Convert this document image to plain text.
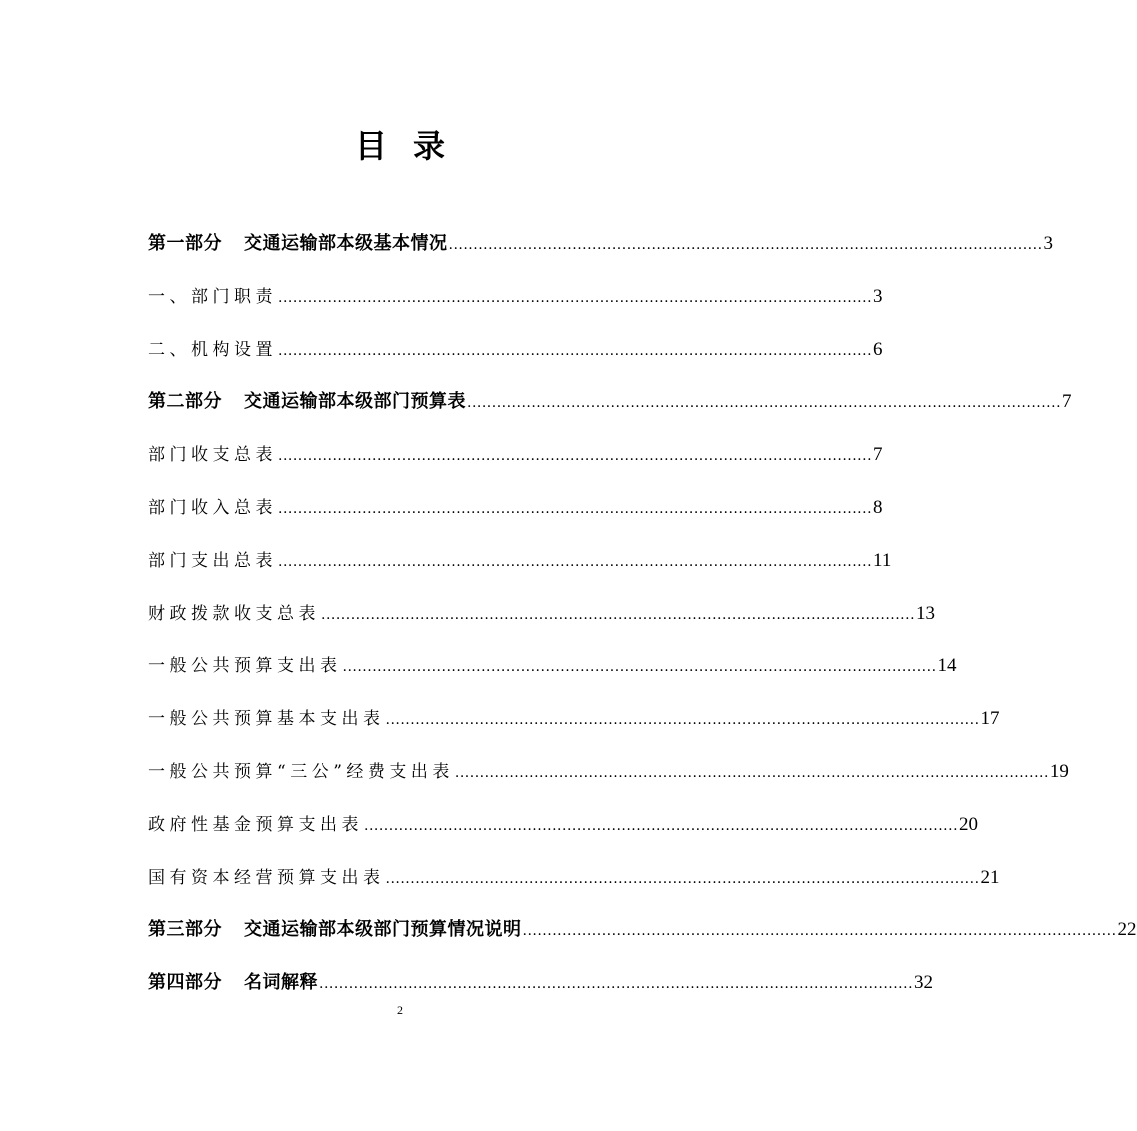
目录
第一部分 交通运输部本级基本情况 ........................................................................................................................ 3
一、部门职责 ........................................................................................................................ 3
二、机构设置 ........................................................................................................................ 6
第二部分 交通运输部本级部门预算表 ........................................................................................................................ 7
部门收支总表 ........................................................................................................................ 7
部门收入总表 ........................................................................................................................ 8
部门支出总表 ........................................................................................................................ 11
财政拨款收支总表 ........................................................................................................................ 13
一般公共预算支出表 ........................................................................................................................ 14
一般公共预算基本支出表 ........................................................................................................................ 17
一般公共预算“三公”经费支出表 ........................................................................................................................ 19
政府性基金预算支出表 ........................................................................................................................ 20
国有资本经营预算支出表 ........................................................................................................................ 21
第三部分 交通运输部本级部门预算情况说明 ........................................................................................................................ 22
第四部分 名词解释 ........................................................................................................................ 32
2
